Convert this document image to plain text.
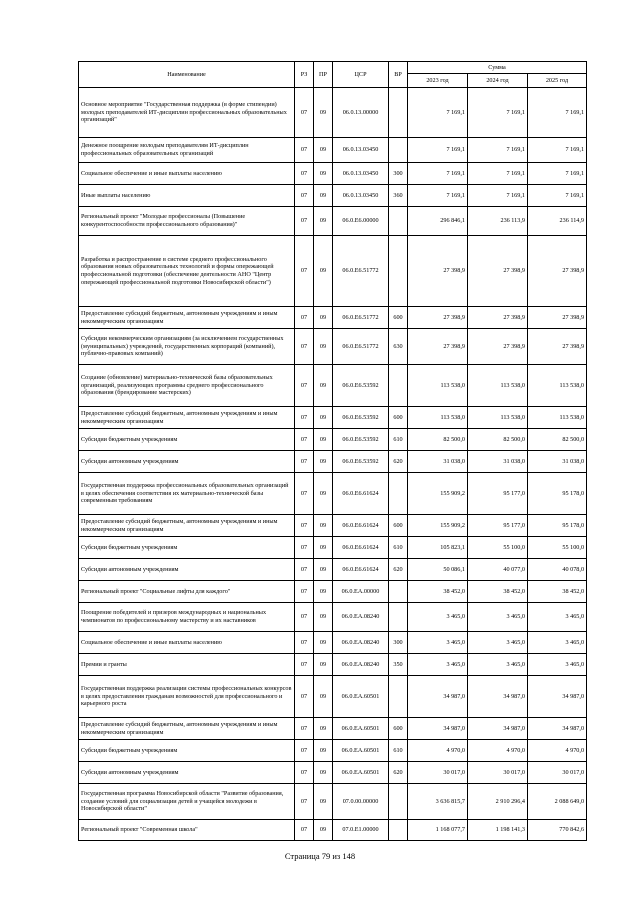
Наименование	РЗ	ПР	ЦСР	ВР	Сумма		
					2023 год	2024 год	2025 год
Основное мероприятие "Государственная поддержка (в форме стипендии) молодых преподавателей ИТ-дисциплин профессиональных образовательных организаций"	07	09	06.0.13.00000		7 169,1	7 169,1	7 169,1
Денежное поощрение молодым преподавателям ИТ-дисциплин профессиональных образовательных организаций	07	09	06.0.13.03450		7 169,1	7 169,1	7 169,1
Социальное обеспечение и иные выплаты населению	07	09	06.0.13.03450	300	7 169,1	7 169,1	7 169,1
Иные выплаты населению	07	09	06.0.13.03450	360	7 169,1	7 169,1	7 169,1
Региональный проект "Молодые профессионалы (Повышение конкурентоспособности профессионального образования)"	07	09	06.0.Е6.00000		296 846,1	236 113,9	236 114,9
Разработка и распространение в системе среднего профессионального образования новых образовательных технологий и формы опережающей профессиональной подготовки (обеспечение деятельности АНО "Центр опережающей профессиональной подготовки Новосибирской области")	07	09	06.0.Е6.51772		27 398,9	27 398,9	27 398,9
Предоставление субсидий бюджетным, автономным учреждениям и иным некоммерческим организациям	07	09	06.0.Е6.51772	600	27 398,9	27 398,9	27 398,9
Субсидии некоммерческим организациям (за исключением государственных (муниципальных) учреждений, государственных корпораций (компаний), публично-правовых компаний)	07	09	06.0.Е6.51772	630	27 398,9	27 398,9	27 398,9
Создание (обновление) материально-технической базы образовательных организаций, реализующих программы среднего профессионального образования (брендирование мастерских)	07	09	06.0.Е6.53592		113 538,0	113 538,0	113 538,0
Предоставление субсидий бюджетным, автономным учреждениям и иным некоммерческим организациям	07	09	06.0.Е6.53592	600	113 538,0	113 538,0	113 538,0
Субсидии бюджетным учреждениям	07	09	06.0.Е6.53592	610	82 500,0	82 500,0	82 500,0
Субсидии автономным учреждениям	07	09	06.0.Е6.53592	620	31 038,0	31 038,0	31 038,0
Государственная поддержка профессиональных образовательных организаций в целях обеспечения соответствия их материально-технической базы современным требованиям	07	09	06.0.Е6.61624		155 909,2	95 177,0	95 178,0
Предоставление субсидий бюджетным, автономным учреждениям и иным некоммерческим организациям	07	09	06.0.Е6.61624	600	155 909,2	95 177,0	95 178,0
Субсидии бюджетным учреждениям	07	09	06.0.Е6.61624	610	105 823,1	55 100,0	55 100,0
Субсидии автономным учреждениям	07	09	06.0.Е6.61624	620	50 086,1	40 077,0	40 078,0
Региональный проект "Социальные лифты для каждого"	07	09	06.0.ЕА.00000		38 452,0	38 452,0	38 452,0
Поощрение победителей и призеров международных и национальных чемпионатов по профессиональному мастерству и их наставников	07	09	06.0.ЕА.08240		3 465,0	3 465,0	3 465,0
Социальное обеспечение и иные выплаты населению	07	09	06.0.ЕА.08240	300	3 465,0	3 465,0	3 465,0
Премии и гранты	07	09	06.0.ЕА.08240	350	3 465,0	3 465,0	3 465,0
Государственная поддержка реализации системы профессиональных конкурсов в целях предоставления гражданам возможностей для профессионального и карьерного роста	07	09	06.0.ЕА.60501		34 987,0	34 987,0	34 987,0
Предоставление субсидий бюджетным, автономным учреждениям и иным некоммерческим организациям	07	09	06.0.ЕА.60501	600	34 987,0	34 987,0	34 987,0
Субсидии бюджетным учреждениям	07	09	06.0.ЕА.60501	610	4 970,0	4 970,0	4 970,0
Субсидии автономным учреждениям	07	09	06.0.ЕА.60501	620	30 017,0	30 017,0	30 017,0
Государственная программа Новосибирской области "Развитие образования, создание условий для социализации детей и учащейся молодежи в Новосибирской области"	07	09	07.0.00.00000		3 636 815,7	2 910 296,4	2 088 649,0
Региональный проект "Современная школа"	07	09	07.0.Е1.00000		1 168 077,7	1 198 141,3	770 842,6
Страница 79 из 148
